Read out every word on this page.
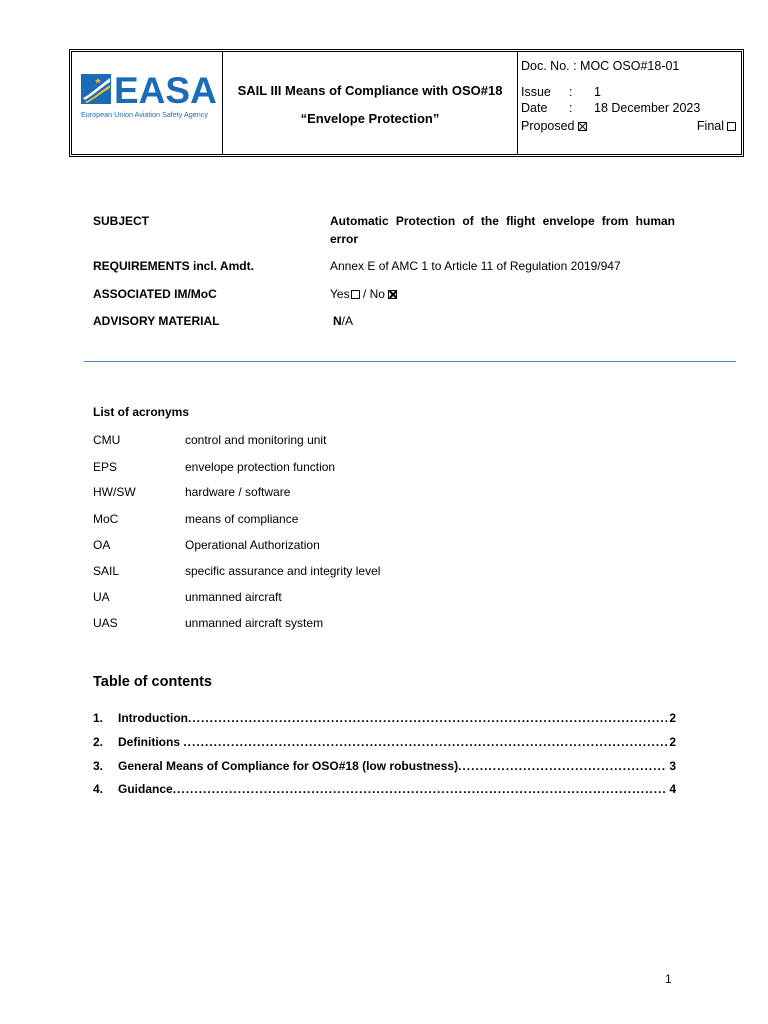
EASA
European Union Aviation Safety Agency
SAIL III Means of Compliance with OSO#18
“Envelope Protection”
Doc. No. : MOC OSO#18-01
Issue : 1
Date : 18 December 2023
Proposed	Final
SUBJECT	Automatic Protection of the flight envelope from human error
REQUIREMENTS incl. Amdt.	Annex E of AMC 1 to Article 11 of Regulation 2019/947
ASSOCIATED IM/MoC	Yes / No
ADVISORY MATERIAL	N/A
List of acronyms
CMU	control and monitoring unit
EPS	envelope protection function
HW/SW	hardware / software
MoC	means of compliance
OA	Operational Authorization
SAIL	specific assurance and integrity level
UA	unmanned aircraft
UAS	unmanned aircraft system
Table of contents
1.	Introduction .....	2
2.	Definitions .....	2
3.	General Means of Compliance for OSO#18 (low robustness) .....	3
4.	Guidance .....	4
1
